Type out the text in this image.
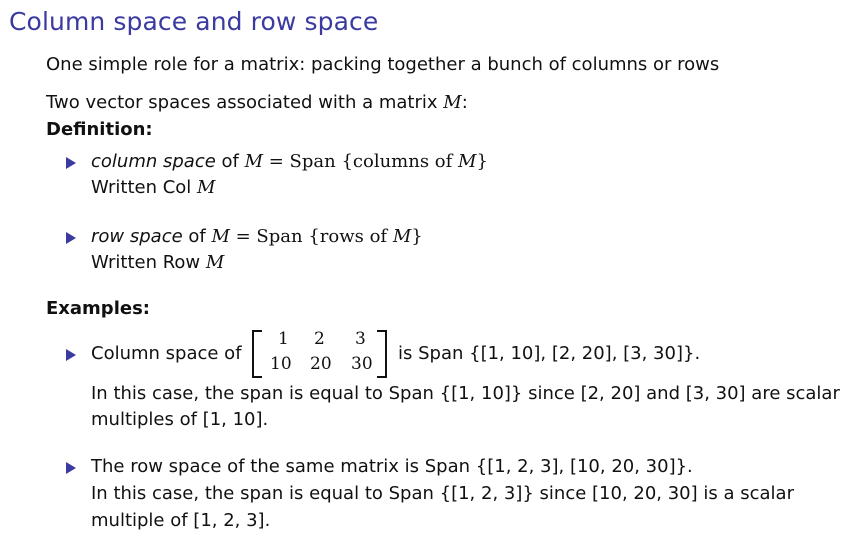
Column space and row space
One simple role for a matrix: packing together a bunch of columns or rows
Two vector spaces associated with a matrix M:
Definition:
column space of M = Span {columns of M}
Written Col M
row space of M = Span {rows of M}
Written Row M
Examples:
Column space of
1 2 3
10 20 30 is Span {[1, 10], [2, 20], [3, 30]}.
In this case, the span is equal to Span {[1, 10]} since [2, 20] and [3, 30] are scalar
multiples of [1, 10].
The row space of the same matrix is Span {[1, 2, 3], [10, 20, 30]}.
In this case, the span is equal to Span {[1, 2, 3]} since [10, 20, 30] is a scalar
multiple of [1, 2, 3].
